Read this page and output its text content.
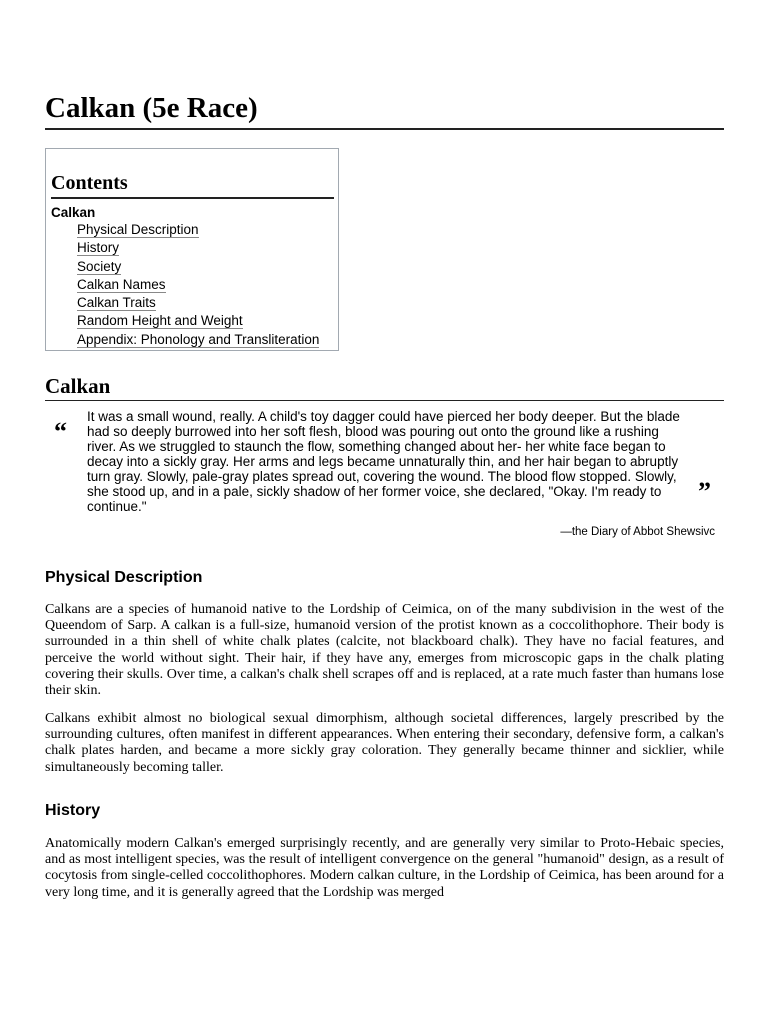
Calkan (5e Race)
Contents
Calkan
Physical Description
History
Society
Calkan Names
Calkan Traits
Random Height and Weight
Appendix: Phonology and Transliteration
Calkan
“

It was a small wound, really. A child's toy dagger could have pierced her body deeper. But the blade had so deeply burrowed into her soft flesh, blood was pouring out onto the ground like a rushing river. As we struggled to staunch the flow, something changed about her- her white face began to decay into a sickly gray. Her arms and legs became unnaturally thin, and her hair began to abruptly turn gray. Slowly, pale-gray plates spread out, covering the wound. The blood flow stopped. Slowly, she stood up, and in a pale, sickly shadow of her former voice, she declared, "Okay. I'm ready to continue."

”

—the Diary of Abbot Shewsivc

Physical Description

Calkans are a species of humanoid native to the Lordship of Ceimica, on of the many subdivision in the west of the Queendom of Sarp. A calkan is a full-size, humanoid version of the protist known as a coccolithophore. Their body is surrounded in a thin shell of white chalk plates (calcite, not blackboard chalk). They have no facial features, and perceive the world without sight. Their hair, if they have any, emerges from microscopic gaps in the chalk plating covering their skulls. Over time, a calkan's chalk shell scrapes off and is replaced, at a rate much faster than humans lose their skin.

Calkans exhibit almost no biological sexual dimorphism, although societal differences, largely prescribed by the surrounding cultures, often manifest in different appearances. When entering their secondary, defensive form, a calkan's chalk plates harden, and became a more sickly gray coloration. They generally became thinner and sicklier, while simultaneously becoming taller.

History

Anatomically modern Calkan's emerged surprisingly recently, and are generally very similar to Proto-Hebaic species, and as most intelligent species, was the result of intelligent convergence on the general "humanoid" design, as a result of cocytosis from single-celled coccolithophores. Modern calkan culture, in the Lordship of Ceimica, has been around for a very long time, and it is generally agreed that the Lordship was merged
